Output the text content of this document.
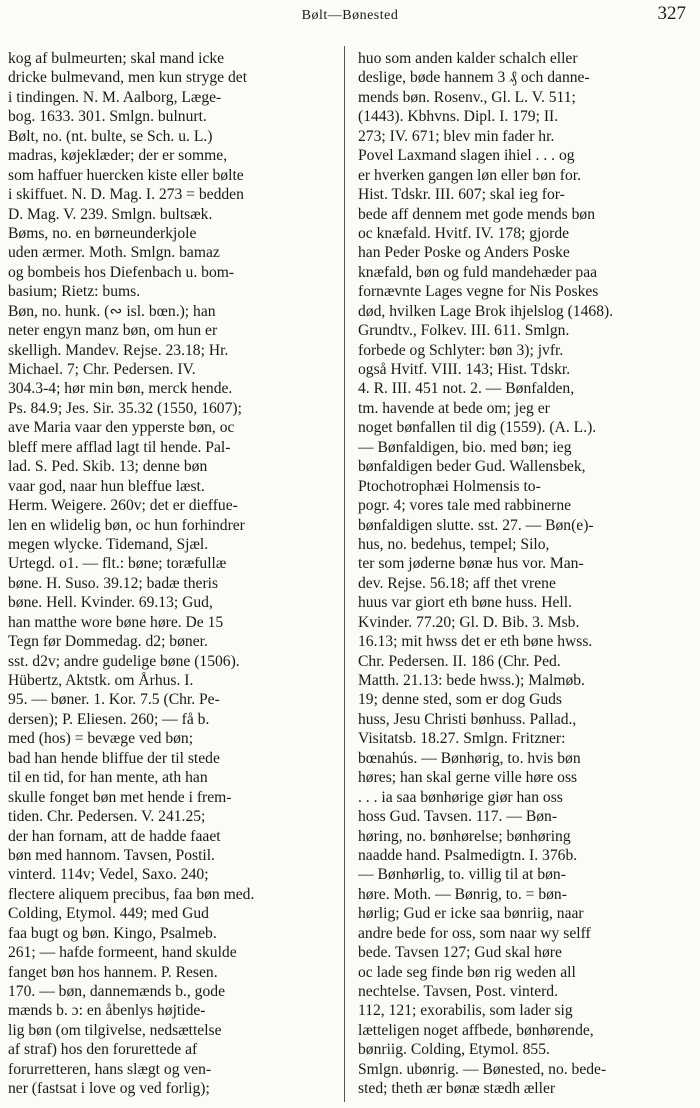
Bølt—Bønested	327
kog af bulmeurten; skal mand icke
dricke bulmevand, men kun stryge det
i tindingen. N. M. Aalborg, Læge-
bog. 1633. 301. Smlgn. bulnurt.
Bølt, no. (nt. bulte, se Sch. u. L.)
madras, køjeklæder; der er somme,
som haffuer huercken kiste eller bølte
i skiffuet. N. D. Mag. I. 273 = bedden
D. Mag. V. 239. Smlgn. bultsæk.
Bøms, no. en børneunderkjole
uden ærmer. Moth. Smlgn. bamaz
og bombeis hos Diefenbach u. bom-
basium; Rietz: bums.
Bøn, no. hunk. (∾ isl. bœn.); han
neter engyn manz bøn, om hun er
skelligh. Mandev. Rejse. 23.18; Hr.
Michael. 7; Chr. Pedersen. IV.
304.3-4; hør min bøn, merck hende.
Ps. 84.9; Jes. Sir. 35.32 (1550, 1607);
ave Maria vaar den ypperste bøn, oc
bleff mere afflad lagt til hende. Pal-
lad. S. Ped. Skib. 13; denne bøn
vaar god, naar hun bleffue læst.
Herm. Weigere. 260v; det er dieffue-
len en wlidelig bøn, oc hun forhindrer
megen wlycke. Tidemand, Sjæl.
Urtegd. o1. — flt.: bøne; toræfullæ
bøne. H. Suso. 39.12; badæ theris
bøne. Hell. Kvinder. 69.13; Gud,
han matthe wore bøne høre. De 15
Tegn før Dommedag. d2; bøner.
sst. d2v; andre gudelige bøne (1506).
Hübertz, Aktstk. om Århus. I.
95. — bøner. 1. Kor. 7.5 (Chr. Pe-
dersen); P. Eliesen. 260; — få b.
med (hos) = bevæge ved bøn;
bad han hende bliffue der til stede
til en tid, for han mente, ath han
skulle fonget bøn met hende i frem-
tiden. Chr. Pedersen. V. 241.25;
der han fornam, att de hadde faaet
bøn med hannom. Tavsen, Postil.
vinterd. 114v; Vedel, Saxo. 240;
flectere aliquem precibus, faa bøn med.
Colding, Etymol. 449; med Gud
faa bugt og bøn. Kingo, Psalmeb.
261; — hafde formeent, hand skulde
fanget bøn hos hannem. P. Resen.
170. — bøn, dannemænds b., gode
mænds b. ɔ: en åbenlys højtide-
lig bøn (om tilgivelse, nedsættelse
af straf) hos den forurettede af
forurretteren, hans slægt og ven-
ner (fastsat i love og ved forlig);
huo som anden kalder schalch eller
deslige, bøde hannem 3 ₰ och danne-
mends bøn. Rosenv., Gl. L. V. 511;
(1443). Kbhvns. Dipl. I. 179; II.
273; IV. 671; blev min fader hr.
Povel Laxmand slagen ihiel . . . og
er hverken gangen løn eller bøn for.
Hist. Tdskr. III. 607; skal ieg for-
bede aff dennem met gode mends bøn
oc knæfald. Hvitf. IV. 178; gjorde
han Peder Poske og Anders Poske
knæfald, bøn og fuld mandehæder paa
fornævnte Lages vegne for Nis Poskes
død, hvilken Lage Brok ihjelslog (1468).
Grundtv., Folkev. III. 611. Smlgn.
forbede og Schlyter: bøn 3); jvfr.
også Hvitf. VIII. 143; Hist. Tdskr.
4. R. III. 451 not. 2. — Bønfalden,
tm. havende at bede om; jeg er
noget bønfallen til dig (1559). (A. L.).
— Bønfaldigen, bio. med bøn; ieg
bønfaldigen beder Gud. Wallensbek,
Ptochotrophæi Holmensis to-
pogr. 4; vores tale med rabbinerne
bønfaldigen slutte. sst. 27. — Bøn(e)-
hus, no. bedehus, tempel; Silo,
ter som jøderne bønæ hus vor. Man-
dev. Rejse. 56.18; aff thet vrene
huus var giort eth bøne huss. Hell.
Kvinder. 77.20; Gl. D. Bib. 3. Msb.
16.13; mit hwss det er eth bøne hwss.
Chr. Pedersen. II. 186 (Chr. Ped.
Matth. 21.13: bede hwss.); Malmøb.
19; denne sted, som er dog Guds
huss, Jesu Christi bønhuss. Pallad.,
Visitatsb. 18.27. Smlgn. Fritzner:
bœnahús. — Bønhørig, to. hvis bøn
høres; han skal gerne ville høre oss
. . . ia saa bønhørige giør han oss
hoss Gud. Tavsen. 117. — Bøn-
høring, no. bønhørelse; bønhøring
naadde hand. Psalmedigtn. I. 376b.
— Bønhørlig, to. villig til at bøn-
høre. Moth. — Bønrig, to. = bøn-
hørlig; Gud er icke saa bønriig, naar
andre bede for oss, som naar wy selff
bede. Tavsen 127; Gud skal høre
oc lade seg finde bøn rig weden all
nechtelse. Tavsen, Post. vinterd.
112, 121; exorabilis, som lader sig
lætteligen noget affbede, bønhørende,
bønriig. Colding, Etymol. 855.
Smlgn. ubønrig. — Bønested, no. bede-
sted; theth ær bønæ stædh æller
